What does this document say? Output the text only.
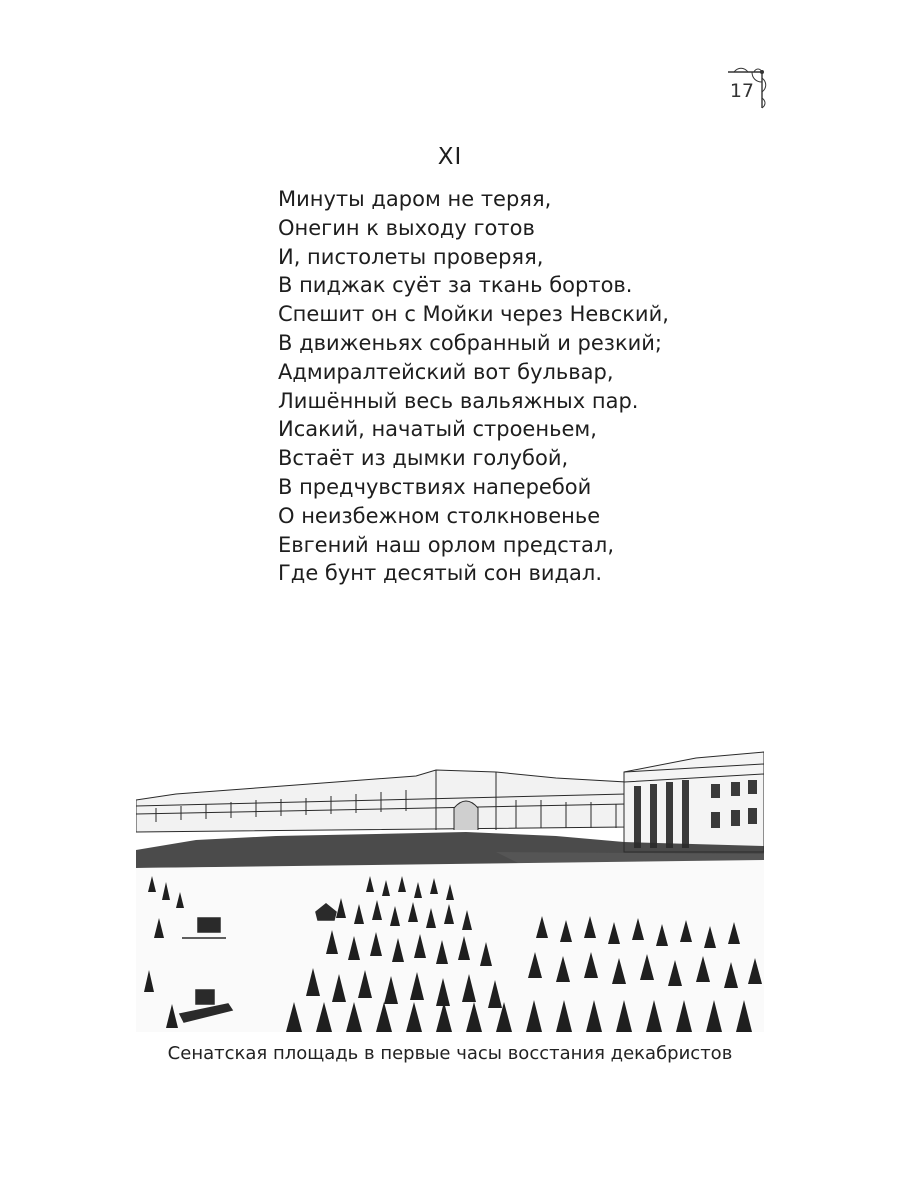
17
XI
Минуты даром не теряя,
Онегин к выходу готов
И, пистолеты проверяя,
В пиджак суёт за ткань бортов.
Спешит он с Мойки через Невский,
В движеньях собранный и резкий;
Адмиралтейский вот бульвар,
Лишённый весь вальяжных пар.
Исакий, начатый строеньем,
Встаёт из дымки голубой,
В предчувствиях наперебой
О неизбежном столкновенье
Евгений наш орлом предстал,
Где бунт десятый сон видал.
Сенатская площадь в первые часы восстания декабристов
